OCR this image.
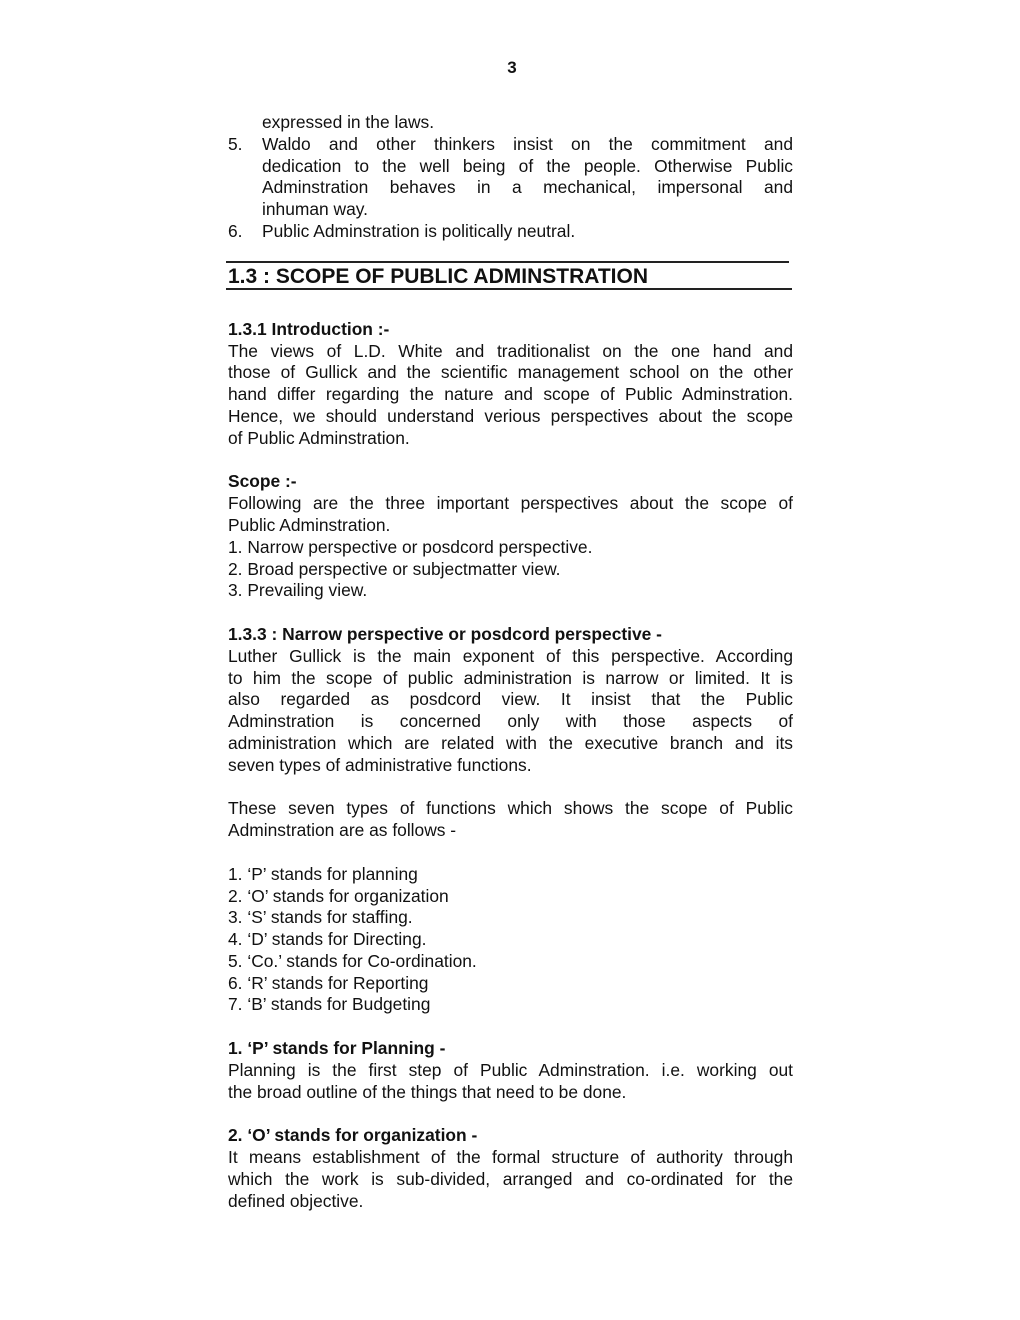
3
1.3 : SCOPE OF PUBLIC ADMINSTRATION
expressed in the laws.
5.	Waldo and other thinkers insist on the commitment and
dedication to the well being of the people. Otherwise Public
Adminstration behaves in a mechanical, impersonal and
inhuman way.
6.	Public Adminstration is politically neutral.
1.3.1 Introduction :-
The views of L.D. White and traditionalist on the one hand and
those of Gullick and the scientific management school on the other
hand differ regarding the nature and scope of Public Adminstration.
Hence, we should understand verious perspectives about the scope
of Public Adminstration.
Scope :-
Following are the three important perspectives about the scope of
Public Adminstration.
1. Narrow perspective or posdcord perspective.
2. Broad perspective or subjectmatter view.
3. Prevailing view.
1.3.3 : Narrow perspective or posdcord perspective -
Luther Gullick is the main exponent of this perspective. According
to him the scope of public administration is narrow or limited. It is
also regarded as posdcord view. It insist that the Public
Adminstration is concerned only with those aspects of
administration which are related with the executive branch and its
seven types of administrative functions.
These seven types of functions which shows the scope of Public
Adminstration are as follows -
1. ‘P’ stands for planning
2. ‘O’ stands for organization
3. ‘S’ stands for staffing.
4. ‘D’ stands for Directing.
5. ‘Co.’ stands for Co-ordination.
6. ‘R’ stands for Reporting
7. ‘B’ stands for Budgeting
1. ‘P’ stands for Planning -
Planning is the first step of Public Adminstration. i.e. working out
the broad outline of the things that need to be done.
2. ‘O’ stands for organization -
It means establishment of the formal structure of authority through
which the work is sub-divided, arranged and co-ordinated for the
defined objective.
